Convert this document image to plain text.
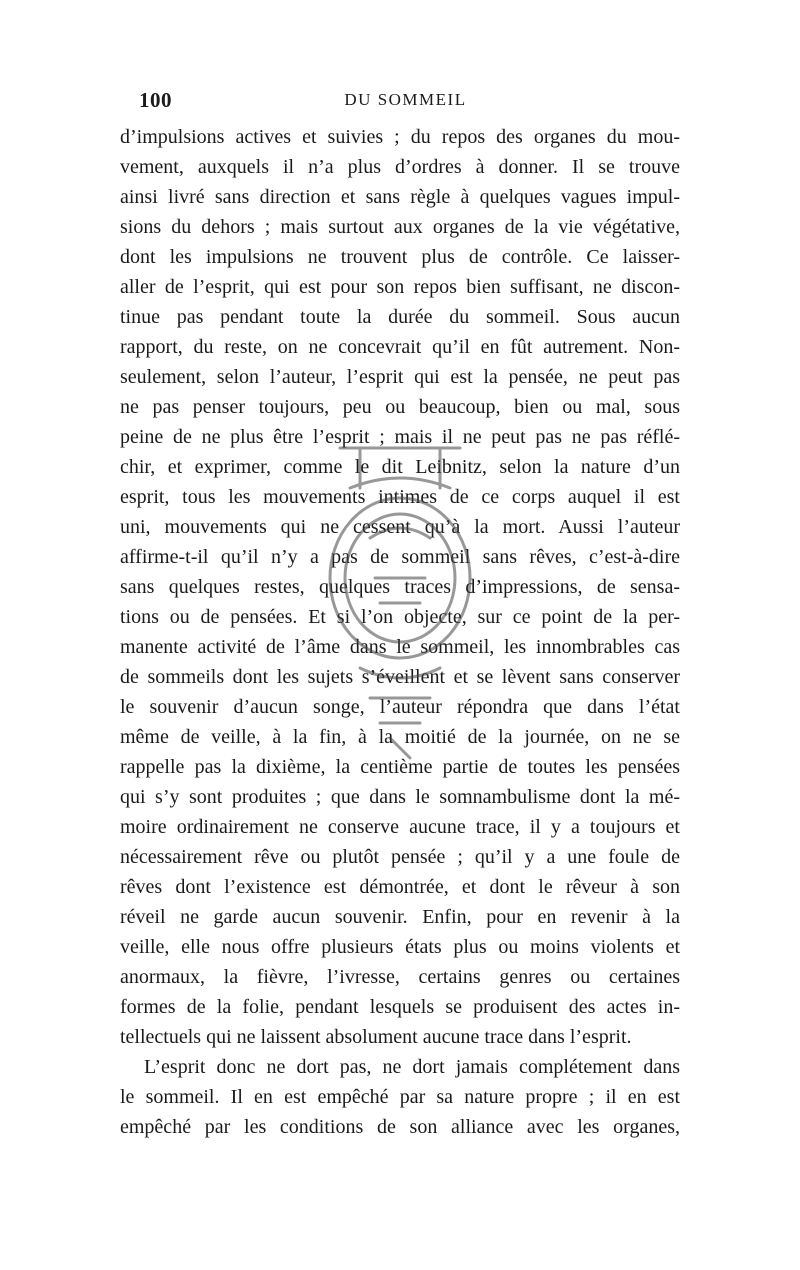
100	DU SOMMEIL
d’impulsions actives et suivies ; du repos des organes du mou-
vement, auxquels il n’a plus d’ordres à donner. Il se trouve
ainsi livré sans direction et sans règle à quelques vagues impul-
sions du dehors ; mais surtout aux organes de la vie végétative,
dont les impulsions ne trouvent plus de contrôle. Ce laisser-
aller de l’esprit, qui est pour son repos bien suffisant, ne discon-
tinue pas pendant toute la durée du sommeil. Sous aucun
rapport, du reste, on ne concevrait qu’il en fût autrement. Non-
seulement, selon l’auteur, l’esprit qui est la pensée, ne peut pas
ne pas penser toujours, peu ou beaucoup, bien ou mal, sous
peine de ne plus être l’esprit ; mais il ne peut pas ne pas réflé-
chir, et exprimer, comme le dit Leibnitz, selon la nature d’un
esprit, tous les mouvements intimes de ce corps auquel il est
uni, mouvements qui ne cessent qu’à la mort. Aussi l’auteur
affirme-t-il qu’il n’y a pas de sommeil sans rêves, c’est-à-dire
sans quelques restes, quelques traces d’impressions, de sensa-
tions ou de pensées. Et si l’on objecte, sur ce point de la per-
manente activité de l’âme dans le sommeil, les innombrables cas
de sommeils dont les sujets s’éveillent et se lèvent sans conserver
le souvenir d’aucun songe, l’auteur répondra que dans l’état
même de veille, à la fin, à la moitié de la journée, on ne se
rappelle pas la dixième, la centième partie de toutes les pensées
qui s’y sont produites ; que dans le somnambulisme dont la mé-
moire ordinairement ne conserve aucune trace, il y a toujours et
nécessairement rêve ou plutôt pensée ; qu’il y a une foule de
rêves dont l’existence est démontrée, et dont le rêveur à son
réveil ne garde aucun souvenir. Enfin, pour en revenir à la
veille, elle nous offre plusieurs états plus ou moins violents et
anormaux, la fièvre, l’ivresse, certains genres ou certaines
formes de la folie, pendant lesquels se produisent des actes in-
tellectuels qui ne laissent absolument aucune trace dans l’esprit.
L’esprit donc ne dort pas, ne dort jamais complétement dans
le sommeil. Il en est empêché par sa nature propre ; il en est
empêché par les conditions de son alliance avec les organes,
